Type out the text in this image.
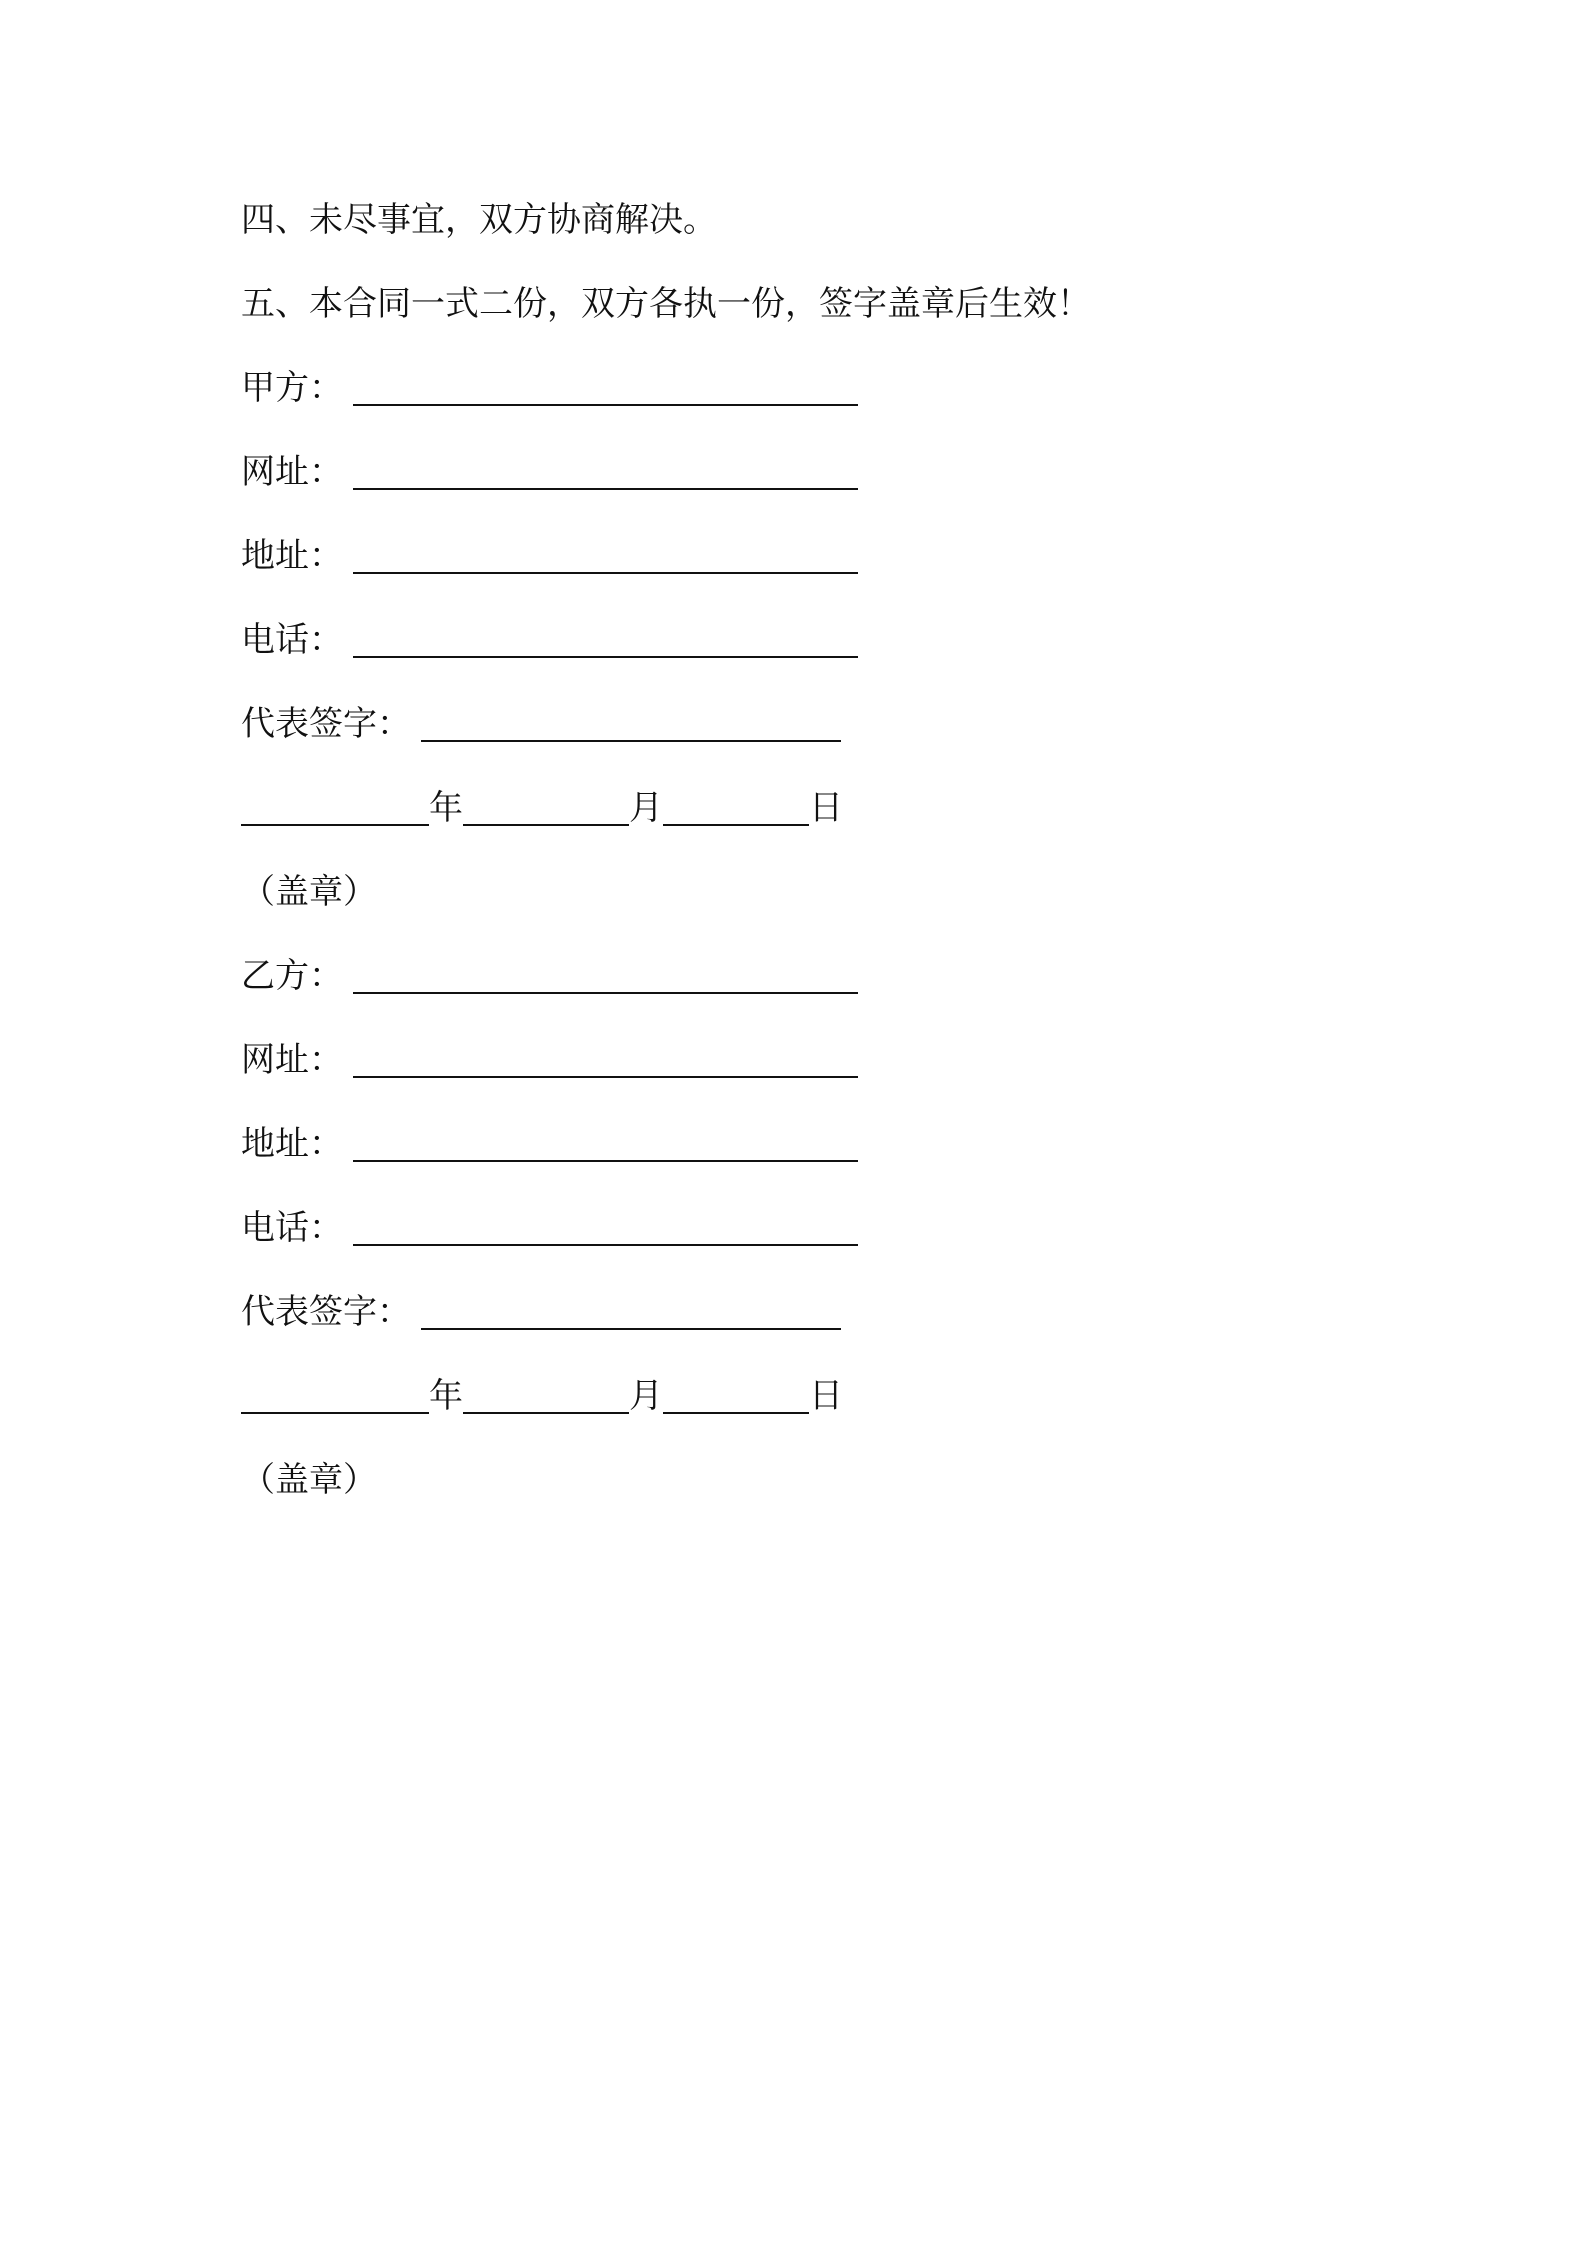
四、未尽事宜，双方协商解决。
五、本合同一式二份，双方各执一份，签字盖章后生效！
甲方：
网址：
地址：
电话：
代表签字：
年	月	日
（盖章）
乙方：
网址：
地址：
电话：
代表签字：
年	月	日
（盖章）
